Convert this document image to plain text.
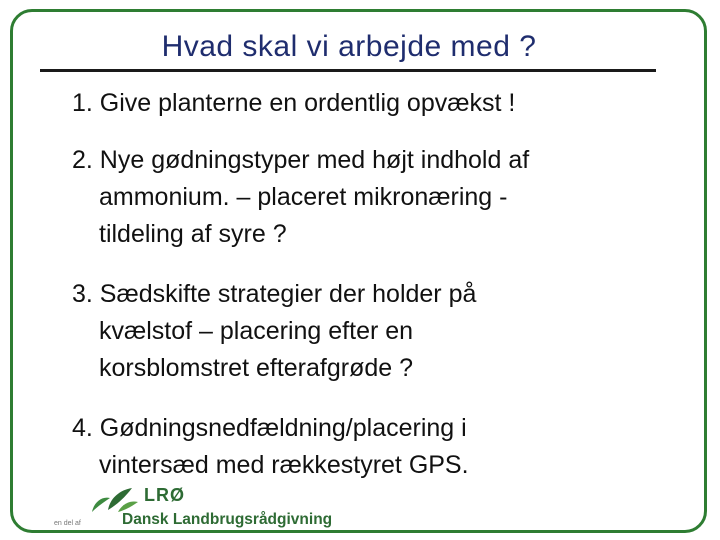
Hvad skal vi arbejde med ?
1. Give planterne en ordentlig opvækst !
2. Nye gødningstyper med højt indhold af
ammonium. – placeret mikronæring -
tildeling af syre ?
3. Sædskifte strategier der holder på
kvælstof – placering efter en
korsblomstret efterafgrøde ?
4. Gødningsnedfældning/placering i
vintersæd med rækkestyret GPS.
LRØ
Dansk Landbrugsrådgivning
en del af
